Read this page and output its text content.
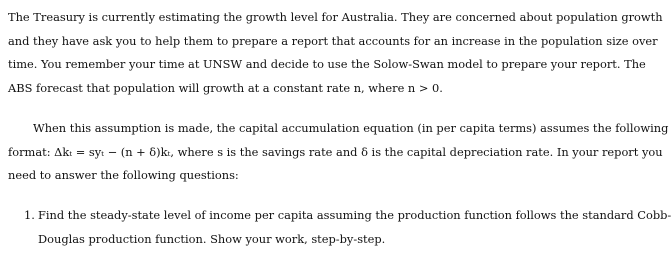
The Treasury is currently estimating the growth level for Australia. They are concerned about population growth
and they have ask you to help them to prepare a report that accounts for an increase in the population size over
time. You remember your time at UNSW and decide to use the Solow-Swan model to prepare your report. The
ABS forecast that population will growth at a constant rate n, where n > 0.
When this assumption is made, the capital accumulation equation (in per capita terms) assumes the following
format: Δkₜ = syₜ − (n + δ)kₜ, where s is the savings rate and δ is the capital depreciation rate. In your report you
need to answer the following questions:
1. Find the steady-state level of income per capita assuming the production function follows the standard Cobb-
Douglas production function. Show your work, step-by-step.
